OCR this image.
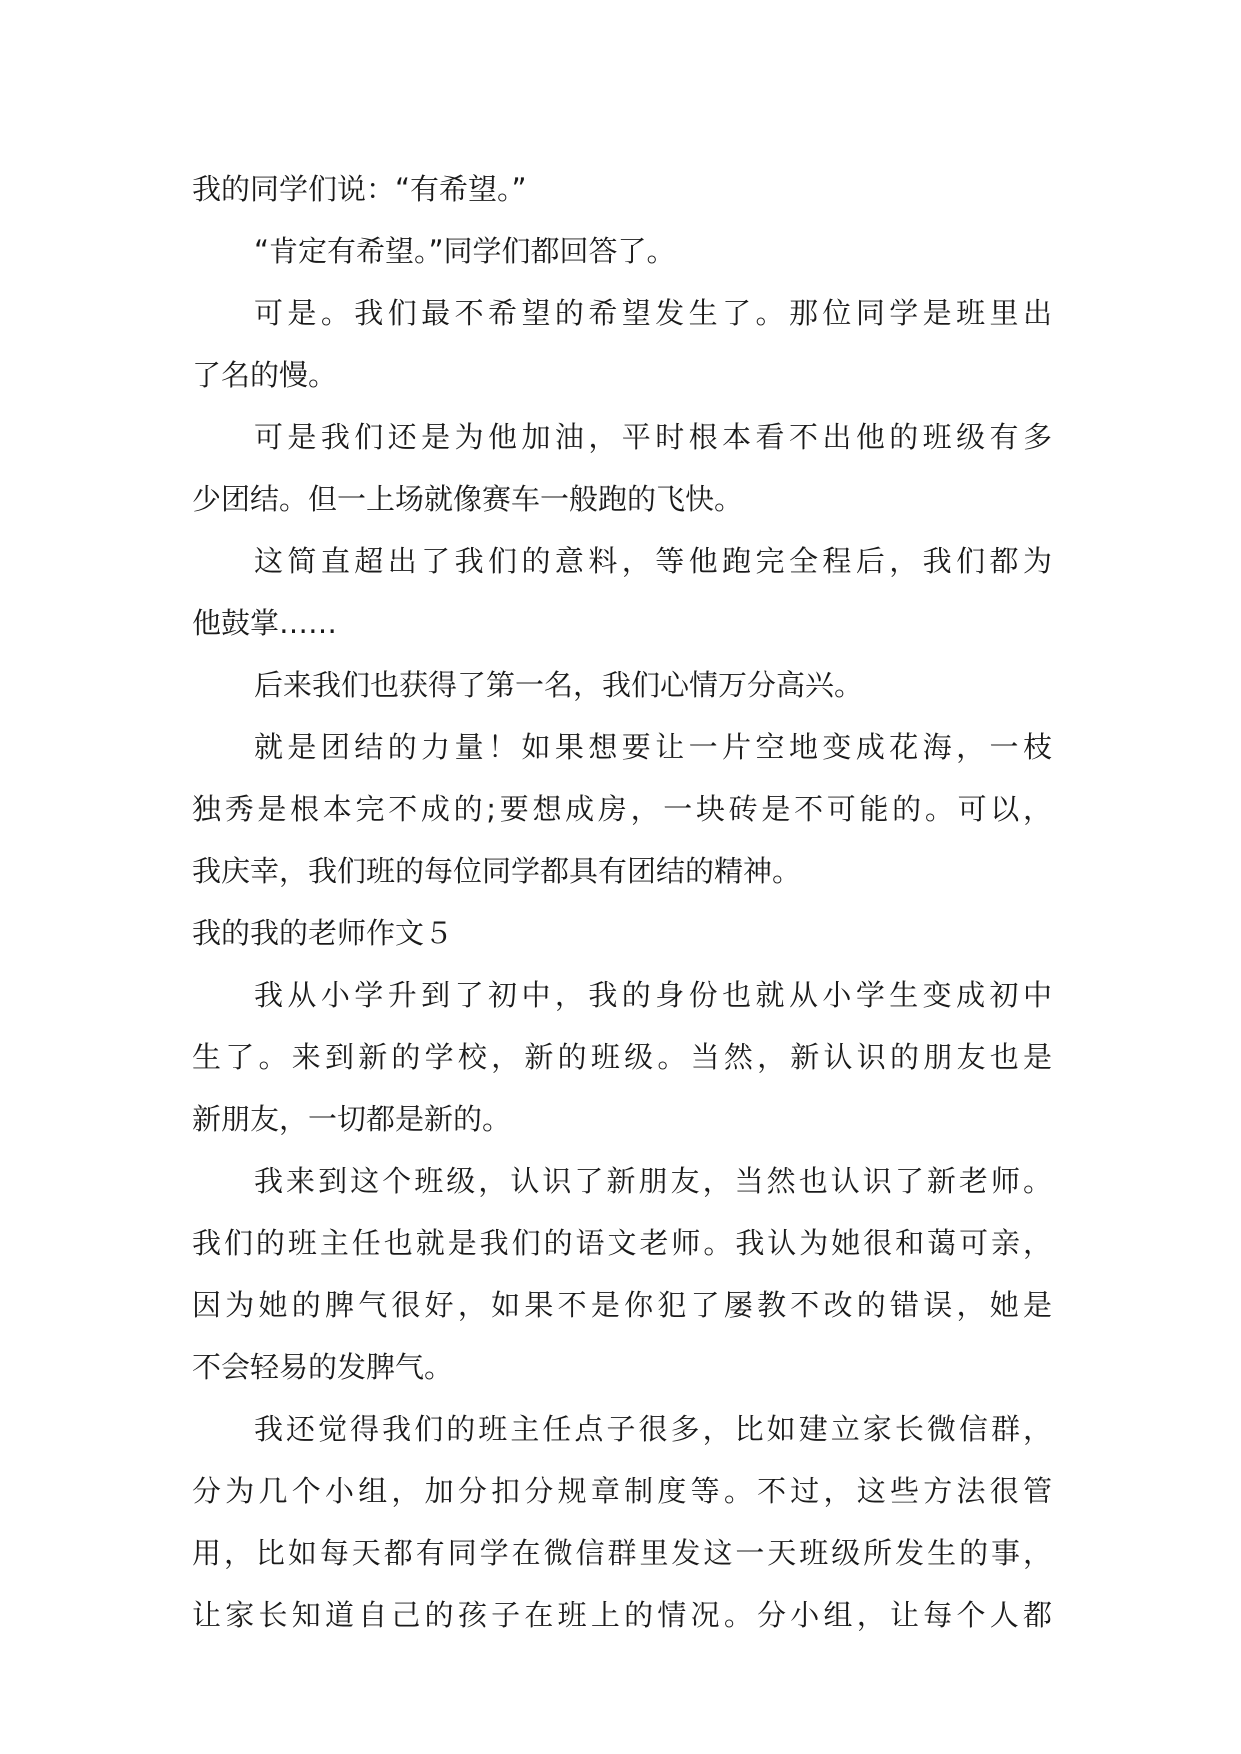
我的同学们说：“有希望。”
“肯定有希望。”同学们都回答了。
可是。我们最不希望的希望发生了。那位同学是班里出
了名的慢。
可是我们还是为他加油，平时根本看不出他的班级有多
少团结。但一上场就像赛车一般跑的飞快。
这简直超出了我们的意料，等他跑完全程后，我们都为
他鼓掌……
后来我们也获得了第一名，我们心情万分高兴。
就是团结的力量！如果想要让一片空地变成花海，一枝
独秀是根本完不成的;要想成房，一块砖是不可能的。可以，
我庆幸，我们班的每位同学都具有团结的精神。
我的我的老师作文５
我从小学升到了初中，我的身份也就从小学生变成初中
生了。来到新的学校，新的班级。当然，新认识的朋友也是
新朋友，一切都是新的。
我来到这个班级，认识了新朋友，当然也认识了新老师。
我们的班主任也就是我们的语文老师。我认为她很和蔼可亲，
因为她的脾气很好，如果不是你犯了屡教不改的错误，她是
不会轻易的发脾气。
我还觉得我们的班主任点子很多，比如建立家长微信群，
分为几个小组，加分扣分规章制度等。不过，这些方法很管
用，比如每天都有同学在微信群里发这一天班级所发生的事，
让家长知道自己的孩子在班上的情况。分小组，让每个人都
